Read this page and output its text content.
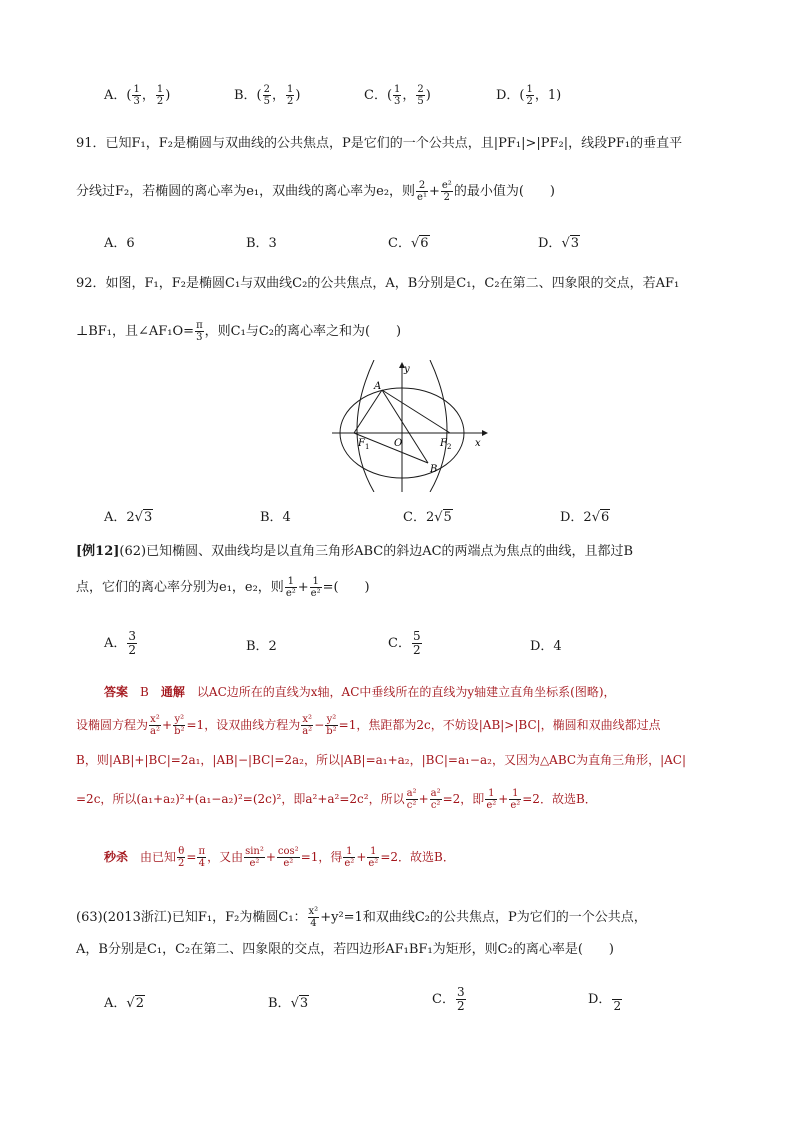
A．( $\frac{1}{3}$ ， $\frac{1}{2}$ )	B．( $\frac{2}{5}$ ， $\frac{1}{2}$ )	C．( $\frac{1}{3}$ ， $\frac{2}{5}$ )	D．( $\frac{1}{2}$ ，1)
91．已知F₁，F₂是椭圆与双曲线的公共焦点，P是它们的一个公共点，且|PF₁|>|PF₂|，线段PF₁的垂直平
分线过F₂，若椭圆的离心率为e₁，双曲线的离心率为e₂，则 $\frac{2}{\text{e¹}} + \frac{\text{e²}}{2}$ 的最小值为(　　)
A．6	B．3	C．√6	D．√3
92．如图，F₁，F₂是椭圆C₁与双曲线C₂的公共焦点，A，B分别是C₁，C₂在第二、四象限的交点，若AF₁
⊥BF₁，且∠AF₁O= $\frac{\pi}{3}$ ，则C₁与C₂的离心率之和为(　　)
y
x
A
B
O
F 1	F 2
A．2√3	B．4	C．2√5	D．2√6
[例12](62)已知椭圆、双曲线均是以直角三角形ABC的斜边AC的两端点为焦点的曲线，且都过B
点，它们的离心率分别为e₁，e₂，则 $\frac{1}{\text{e²}} + \frac{1}{\text{e²}}$ =(　　)
A． $\frac{3}{2}$	B．2	C． $\frac{5}{2}$	D．4
答案　 B　 通解　 以AC边所在的直线为x轴，AC中垂线所在的直线为y轴建立直角坐标系(图略)，
设椭圆方程为 $\frac{\text{x²}}{\text{a²}} + \frac{\text{y²}}{\text{b²}} =1$，设双曲线方程为 $\frac{\text{x²}}{\text{a²}} - \frac{\text{y²}}{\text{b²}} =1$，焦距都为2c，不妨设|AB|>|BC|，椭圆和双曲线都过点
B，则|AB|+|BC|=2a₁，|AB|−|BC|=2a₂，所以|AB|=a₁+a₂，|BC|=a₁−a₂，又因为△ABC为直角三角形，|AC|
=2c，所以(a₁+a₂)²+(a₁−a₂)²=(2c)²，即a²+a²=2c²，所以 $\frac{\text{a²}}{\text{c²}} + \frac{\text{a²}}{\text{c²}} =2$，即 $\frac{1}{\text{e²}} + \frac{1}{\text{e²}} =2$．故选B．
秒杀　 由已知 $\frac{\theta}{2} = \frac{\pi}{4}$ ，又由 $\frac{\text{sin²}}{\text{e²}} + \frac{\text{cos²}}{\text{e²}} =1$，得 $\frac{1}{\text{e²}} + \frac{1}{\text{e²}} =2$．故选B．
(63)(2013浙江)已知F₁，F₂为椭圆C₁： $\frac{\text{x²}}{4} +y^2=1$和双曲线C₂的公共焦点，P为它们的一个公共点，
A，B分别是C₁，C₂在第二、四象限的交点，若四边形AF₁BF₁为矩形，则C₂的离心率是(　　)
A．√2	B．√3	C． $\frac{3}{2}$	D．
2
